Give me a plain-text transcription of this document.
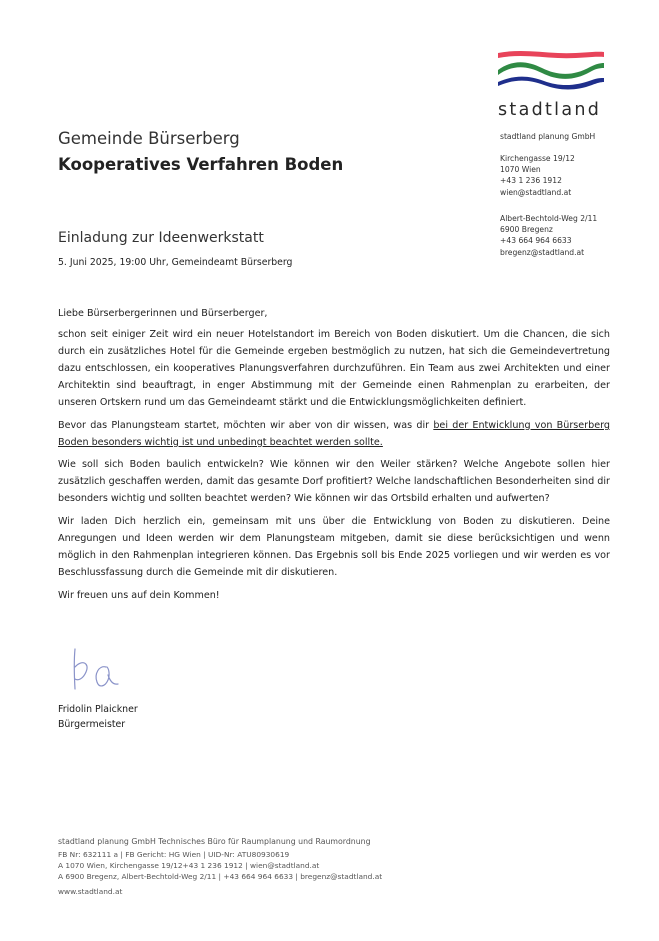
stadtland
stadtland planung GmbH
Kirchengasse 19/12
1070 Wien
+43 1 236 1912
wien@stadtland.at
Albert-Bechtold-Weg 2/11
6900 Bregenz
+43 664 964 6633
bregenz@stadtland.at
Gemeinde Bürserberg
Kooperatives Verfahren Boden
Einladung zur Ideenwerkstatt
5. Juni 2025, 19:00 Uhr, Gemeindeamt Bürserberg

Liebe Bürserbergerinnen und Bürserberger,

schon seit einiger Zeit wird ein neuer Hotelstandort im Bereich von Boden diskutiert. Um die Chancen, die sich durch ein zusätzliches Hotel für die Gemeinde ergeben bestmöglich zu nutzen, hat sich die Gemeindevertretung dazu entschlossen, ein kooperatives Planungsverfahren durchzuführen. Ein Team aus zwei Architekten und einer Architektin sind beauftragt, in enger Abstimmung mit der Gemeinde einen Rahmenplan zu erarbeiten, der unseren Ortskern rund um das Gemeindeamt stärkt und die Entwicklungsmöglichkeiten definiert.

Bevor das Planungsteam startet, möchten wir aber von dir wissen, was dir bei der Entwicklung von Bürserberg Boden besonders wichtig ist und unbedingt beachtet werden sollte.

Wie soll sich Boden baulich entwickeln? Wie können wir den Weiler stärken? Welche Angebote sollen hier zusätzlich geschaffen werden, damit das gesamte Dorf profitiert? Welche landschaftlichen Besonderheiten sind dir besonders wichtig und sollten beachtet werden? Wie können wir das Ortsbild erhalten und aufwerten?

Wir laden Dich herzlich ein, gemeinsam mit uns über die Entwicklung von Boden zu diskutieren. Deine Anregungen und Ideen werden wir dem Planungsteam mitgeben, damit sie diese berücksichtigen und wenn möglich in den Rahmenplan integrieren können. Das Ergebnis soll bis Ende 2025 vorliegen und wir werden es vor Beschlussfassung durch die Gemeinde mit dir diskutieren.

Wir freuen uns auf dein Kommen!

Fridolin Plaickner
Bürgermeister
stadtland planung GmbH Technisches Büro für Raumplanung und Raumordnung
FB Nr: 632111 a | FB Gericht: HG Wien | UID-Nr: ATU80930619
A 1070 Wien, Kirchengasse 19/12+43 1 236 1912 | wien@stadtland.at
A 6900 Bregenz, Albert-Bechtold-Weg 2/11 | +43 664 964 6633 | bregenz@stadtland.at
www.stadtland.at
